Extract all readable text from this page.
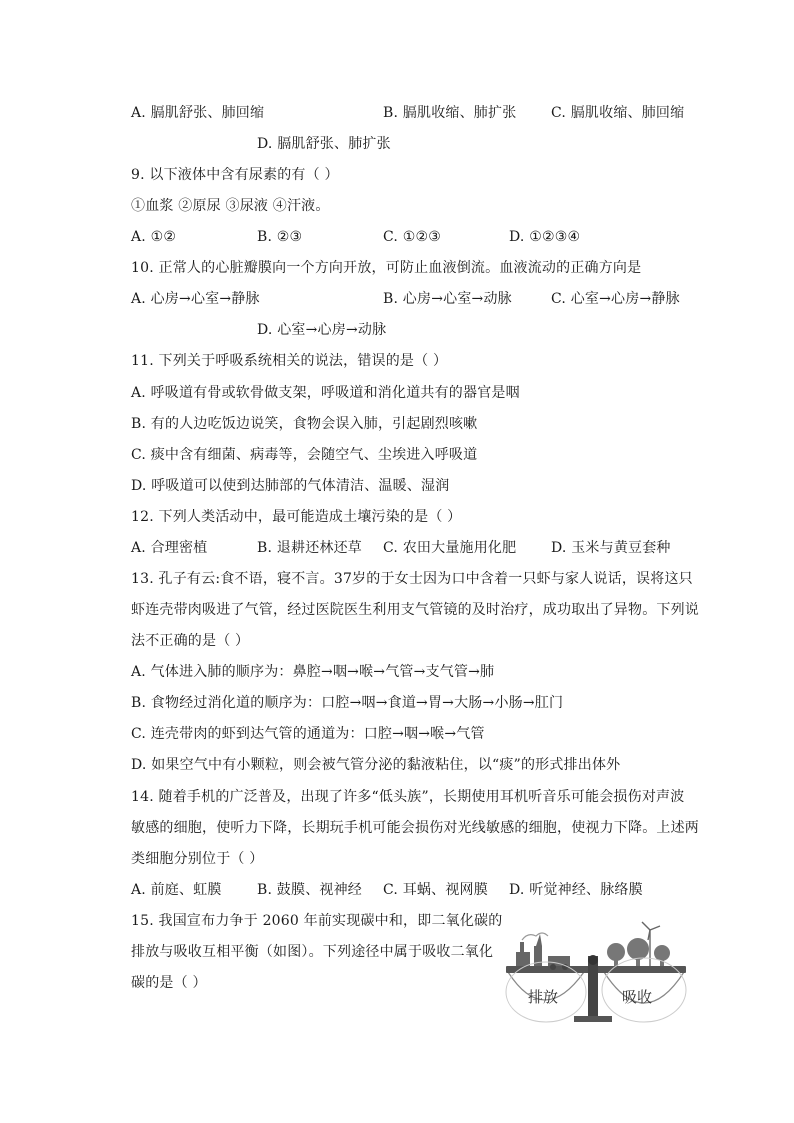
A. 膈肌舒张、肺回缩	B. 膈肌收缩、肺扩张 C. 膈肌收缩、肺回缩
D. 膈肌舒张、肺扩张
9. 以下液体中含有尿素的有（ ）
①血浆 ②原尿 ③尿液 ④汗液。
A. ①②	B. ②③	C. ①②③	D. ①②③④
10. 正常人的心脏瓣膜向一个方向开放，可防止血液倒流。血液流动的正确方向是
A. 心房→心室→静脉	B. 心房→心室→动脉	C. 心室→心房→静脉
D. 心室→心房→动脉
11. 下列关于呼吸系统相关的说法，错误的是（ ）
A. 呼吸道有骨或软骨做支架，呼吸道和消化道共有的器官是咽
B. 有的人边吃饭边说笑，食物会误入肺，引起剧烈咳嗽
C. 痰中含有细菌、病毒等，会随空气、尘埃进入呼吸道
D. 呼吸道可以使到达肺部的气体清洁、温暖、湿润
12. 下列人类活动中，最可能造成土壤污染的是（ ）
A. 合理密植	B. 退耕还林还草 C. 农田大量施用化肥 D. 玉米与黄豆套种
13. 孔子有云:食不语，寝不言。37岁的于女士因为口中含着一只虾与家人说话，误将这只
虾连壳带肉吸进了气管，经过医院医生利用支气管镜的及时治疗，成功取出了异物。下列说
法不正确的是（ ）
A. 气体进入肺的顺序为：鼻腔→咽→喉→气管→支气管→肺
B. 食物经过消化道的顺序为：口腔→咽→食道→胃→大肠→小肠→肛门
C. 连壳带肉的虾到达气管的通道为：口腔→咽→喉→气管
D. 如果空气中有小颗粒，则会被气管分泌的黏液粘住，以“痰”的形式排出体外
14. 随着手机的广泛普及，出现了许多“低头族”，长期使用耳机听音乐可能会损伤对声波
敏感的细胞，使听力下降，长期玩手机可能会损伤对光线敏感的细胞，使视力下降。上述两
类细胞分别位于（ ）
A. 前庭、虹膜	B. 鼓膜、视神经 C. 耳蜗、视网膜 D. 听觉神经、脉络膜
15. 我国宣布力争于 2060 年前实现碳中和，即二氧化碳的
排放与吸收互相平衡（如图）。下列途径中属于吸收二氧化
碳的是（ ）
排放	吸收
